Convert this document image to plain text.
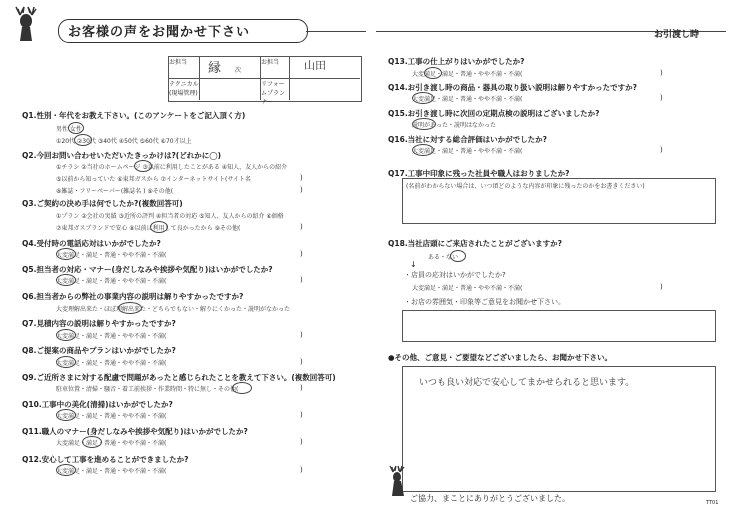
お客様の声をお聞かせ下さい	お引渡し時
お担当	縁 次
お担当	山田
テクニカル(現場管理)
リフォームプランナー
Q1.性別・年代をお教え下さい。(このアンケートをご記入頂く方)
男性 女性
①20代 ②30代 ③40代 ④50代 ⑤60代 ⑥70才以上
Q2.今回お問い合わせいただいたきっかけは?(どれかに◯)
①チラシ ②当社のホームページ ③以前に利用したことがある ④知人、友人からの紹介
⑤以前から知っていた ⑥東邦ガスから ⑦インターネットサイト(サイト名
⑧雑誌・フリーペーパー(雑誌名 ) ⑨その他(
Q3.ご契約の決め手は何でしたか?(複数回答可)
①プラン ②会社の実績 ③近所の評判 ④担当者の対応 ⑤知人、友人からの紹介 ⑥価格
⑦東邦ガスブランドで安心 ⑧以前に利用して良かったから ⑨その他(
Q4.受付時の電話応対はいかがでしたか?
大変満足・満足・普通・やや不満・不満(
Q5.担当者の対応・マナー(身だしなみや挨拶や気配り)はいかがでしたか?
大変満足・満足・普通・やや不満・不満(
Q6.担当者からの弊社の事業内容の説明は解りやすかったですか?
大変理解出来た・ほぼ理解出来た・どちらでもない・解りにくかった・説明がなかった
Q7.見積内容の説明は解りやすかったですか?
大変満足・満足・普通・やや不満・不満(
Q8.ご提案の商品やプランはいかがでしたか?
大変満足・満足・普通・やや不満・不満(
Q9.ご近所さまに対する配慮で問題があったと感じられたことを教えて下さい。(複数回答可)
駐車位置・清掃・騒音・着工前挨拶・作業時間・特に無し・その他(
Q10.工事中の美化(清掃)はいかがでしたか?
大変満足・満足・普通・やや不満・不満(
Q11.職人のマナー(身だしなみや挨拶や気配り)はいかがでしたか?
大変満足・満足・普通・やや不満・不満(
Q12.安心して工事を進めることができましたか?
大変満足・満足・普通・やや不満・不満(
)
)
)
)
)
)
)
)
)
)
)
Q13.工事の仕上がりはいかがでしたか?
大変満足・満足・普通・やや不満・不満(	)
Q14.お引き渡し時の商品・器具の取り扱い説明は解りやすかったですか?
大変満足・満足・普通・やや不満・不満(	)
Q15.お引き渡し時に次回の定期点検の説明はございましたか?
説明があった・説明はなかった
Q16.当社に対する総合評価はいかがでしたか?
大変満足・満足・普通・やや不満・不満(	)
Q17.工事中印象に残った社員や職人はおりましたか?
(名前がわからない場合は、いつ頃どのような内容が印象に残ったのかをお書きください)
Q18.当社店頭にご来店されたことがございますか?
ある・ない
↓
・店員の応対はいかがでしたか?
大変満足・満足・普通・やや不満・不満(	)
・お店の雰囲気・印象等ご意見をお聞かせ下さい。
●その他、ご意見・ご要望などございましたら、お聞かせ下さい。
いつも良い対応で安心してまかせられると思います。
ご協力、まことにありがとうございました。	TT01
